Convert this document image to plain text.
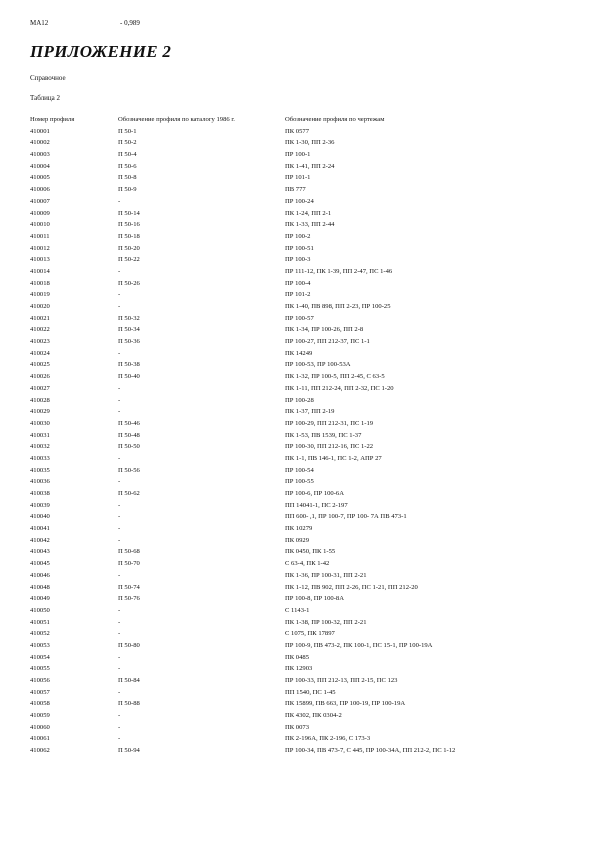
МА12	- 0,989
ПРИЛОЖЕНИЕ 2
Справочное
Таблица 2
Номер профиля	Обозначение профиля по каталогу 1986 г.	Обозначение профиля по чертежам
410001	П 50-1	ПК 0577
410002	П 50-2	ПК 1-30, ПП 2-36
410003	П 50-4	ПР 100-1
410004	П 50-6	ПК 1-41, ПП 2-24
410005	П 50-8	ПР 101-1
410006	П 50-9	ПВ 777
410007	-	ПР 100-24
410009	П 50-14	ПК 1-24, ПП 2-1
410010	П 50-16	ПК 1-33, ПП 2-44
410011	П 50-18	ПР 100-2
410012	П 50-20	ПР 100-51
410013	П 50-22	ПР 100-3
410014	-	ПР 111-12, ПК 1-39, ПП 2-47, ПС 1-46
410018	П 50-26	ПР 100-4
410019	-	ПР 101-2
410020	-	ПК 1-40, ПВ 898, ПП 2-23, ПР 100-25
410021	П 50-32	ПР 100-57
410022	П 50-34	ПК 1-34, ПР 100-26, ПП 2-8
410023	П 50-36	ПР 100-27, ПП 212-37, ПС 1-1
410024	-	ПК 14249
410025	П 50-38	ПР 100-53, ПР 100-53А
410026	П 50-40	ПК 1-32, ПР 100-5, ПП 2-45, С 63-5
410027	-	ПК 1-11, ПП 212-24, ПП 2-32, ПС 1-20
410028	-	ПР 100-28
410029	-	ПК 1-37, ПП 2-19
410030	П 50-46	ПР 100-29, ПП 212-31, ПС 1-19
410031	П 50-48	ПК 1-53, ПВ 1539, ПС 1-37
410032	П 50-50	ПР 100-30, ПП 212-16, ПС 1-22
410033	-	ПК 1-1, ПВ 146-1, ПС 1-2, АПР 27
410035	П 50-56	ПР 100-54
410036	-	ПР 100-55
410038	П 50-62	ПР 100-6, ПР 100-6А
410039	-	ПП 14041-1, ПС 2-197
410040	-	ПП 600- ,1, ПР 100-7, ПР 100- 7А ПВ 473-1
410041	-	ПК 10279
410042	-	ПК 0929
410043	П 50-68	ПК 0450, ПК 1-55
410045	П 50-70	С 63-4, ПК 1-42
410046	-	ПК 1-36, ПР 100-31, ПП 2-21
410048	П 50-74	ПК 1-12, ПВ 902, ПП 2-26, ПС 1-21, ПП 212-20
410049	П 50-76	ПР 100-8, ПР 100-8А
410050	-	С 1143-1
410051	-	ПК 1-38, ПР 100-32, ПП 2-21
410052	-	С 1075, ПК 17897
410053	П 50-80	ПР 100-9, ПВ 473-2, ПК 100-1, ПС 15-1, ПР 100-19А
410054	-	ПК 0485
410055	-	ПК 12903
410056	П 50-84	ПР 100-33, ПП 212-13, ПП 2-15, ПС 123
410057	-	ПП 1540, ПС 1-45
410058	П 50-88	ПК 15899, ПВ 663, ПР 100-19, ПР 100-19А
410059	-	ПК 4302, ПК 0304-2
410060	-	ПК 0073
410061	-	ПК 2-196А, ПК 2-196, С 173-3
410062	П 50-94	ПР 100-34, ПВ 473-7, С 445, ПР 100-34А, ПП 212-2, ПС 1-12
